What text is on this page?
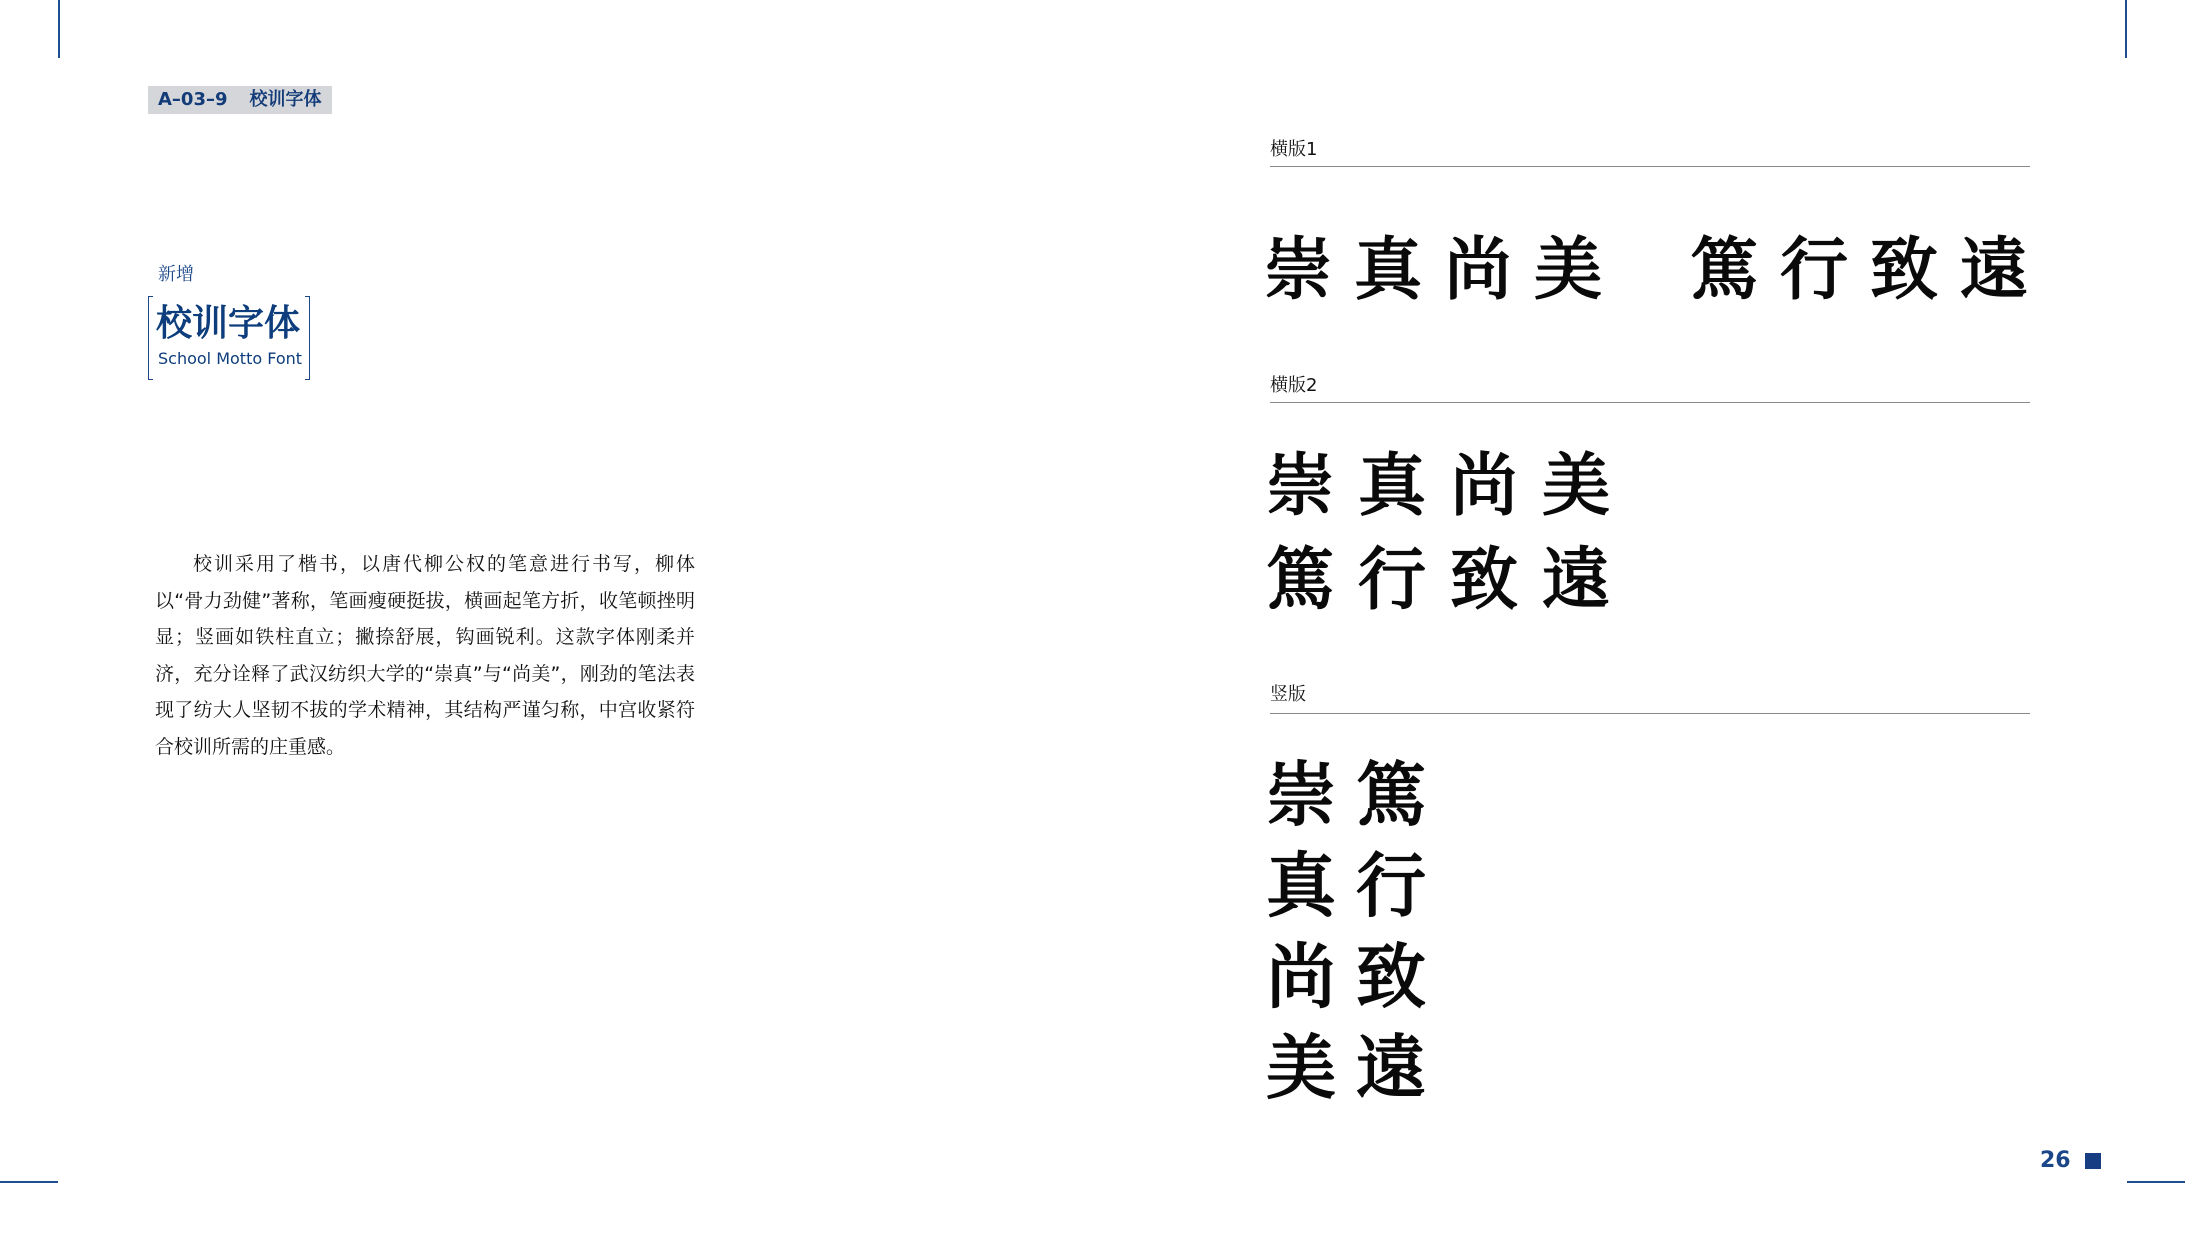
A–03–9 校训字体
新增
校训字体
School Motto Font

校训采用了楷书，以唐代柳公权的笔意进行书写，柳体以“骨力劲健”著称，笔画瘦硬挺拔，横画起笔方折，收笔顿挫明显；竖画如铁柱直立；撇捺舒展，钩画锐利。这款字体刚柔并济，充分诠释了武汉纺织大学的“崇真”与“尚美”，刚劲的笔法表现了纺大人坚韧不拔的学术精神，其结构严谨匀称，中宫收紧符合校训所需的庄重感。

横版1
崇 真 尚 美 篤 行 致 遠
横版2
崇 真 尚 美
篤 行 致 遠
竖版
崇
真
尚
美
篤
行
致
遠
26
